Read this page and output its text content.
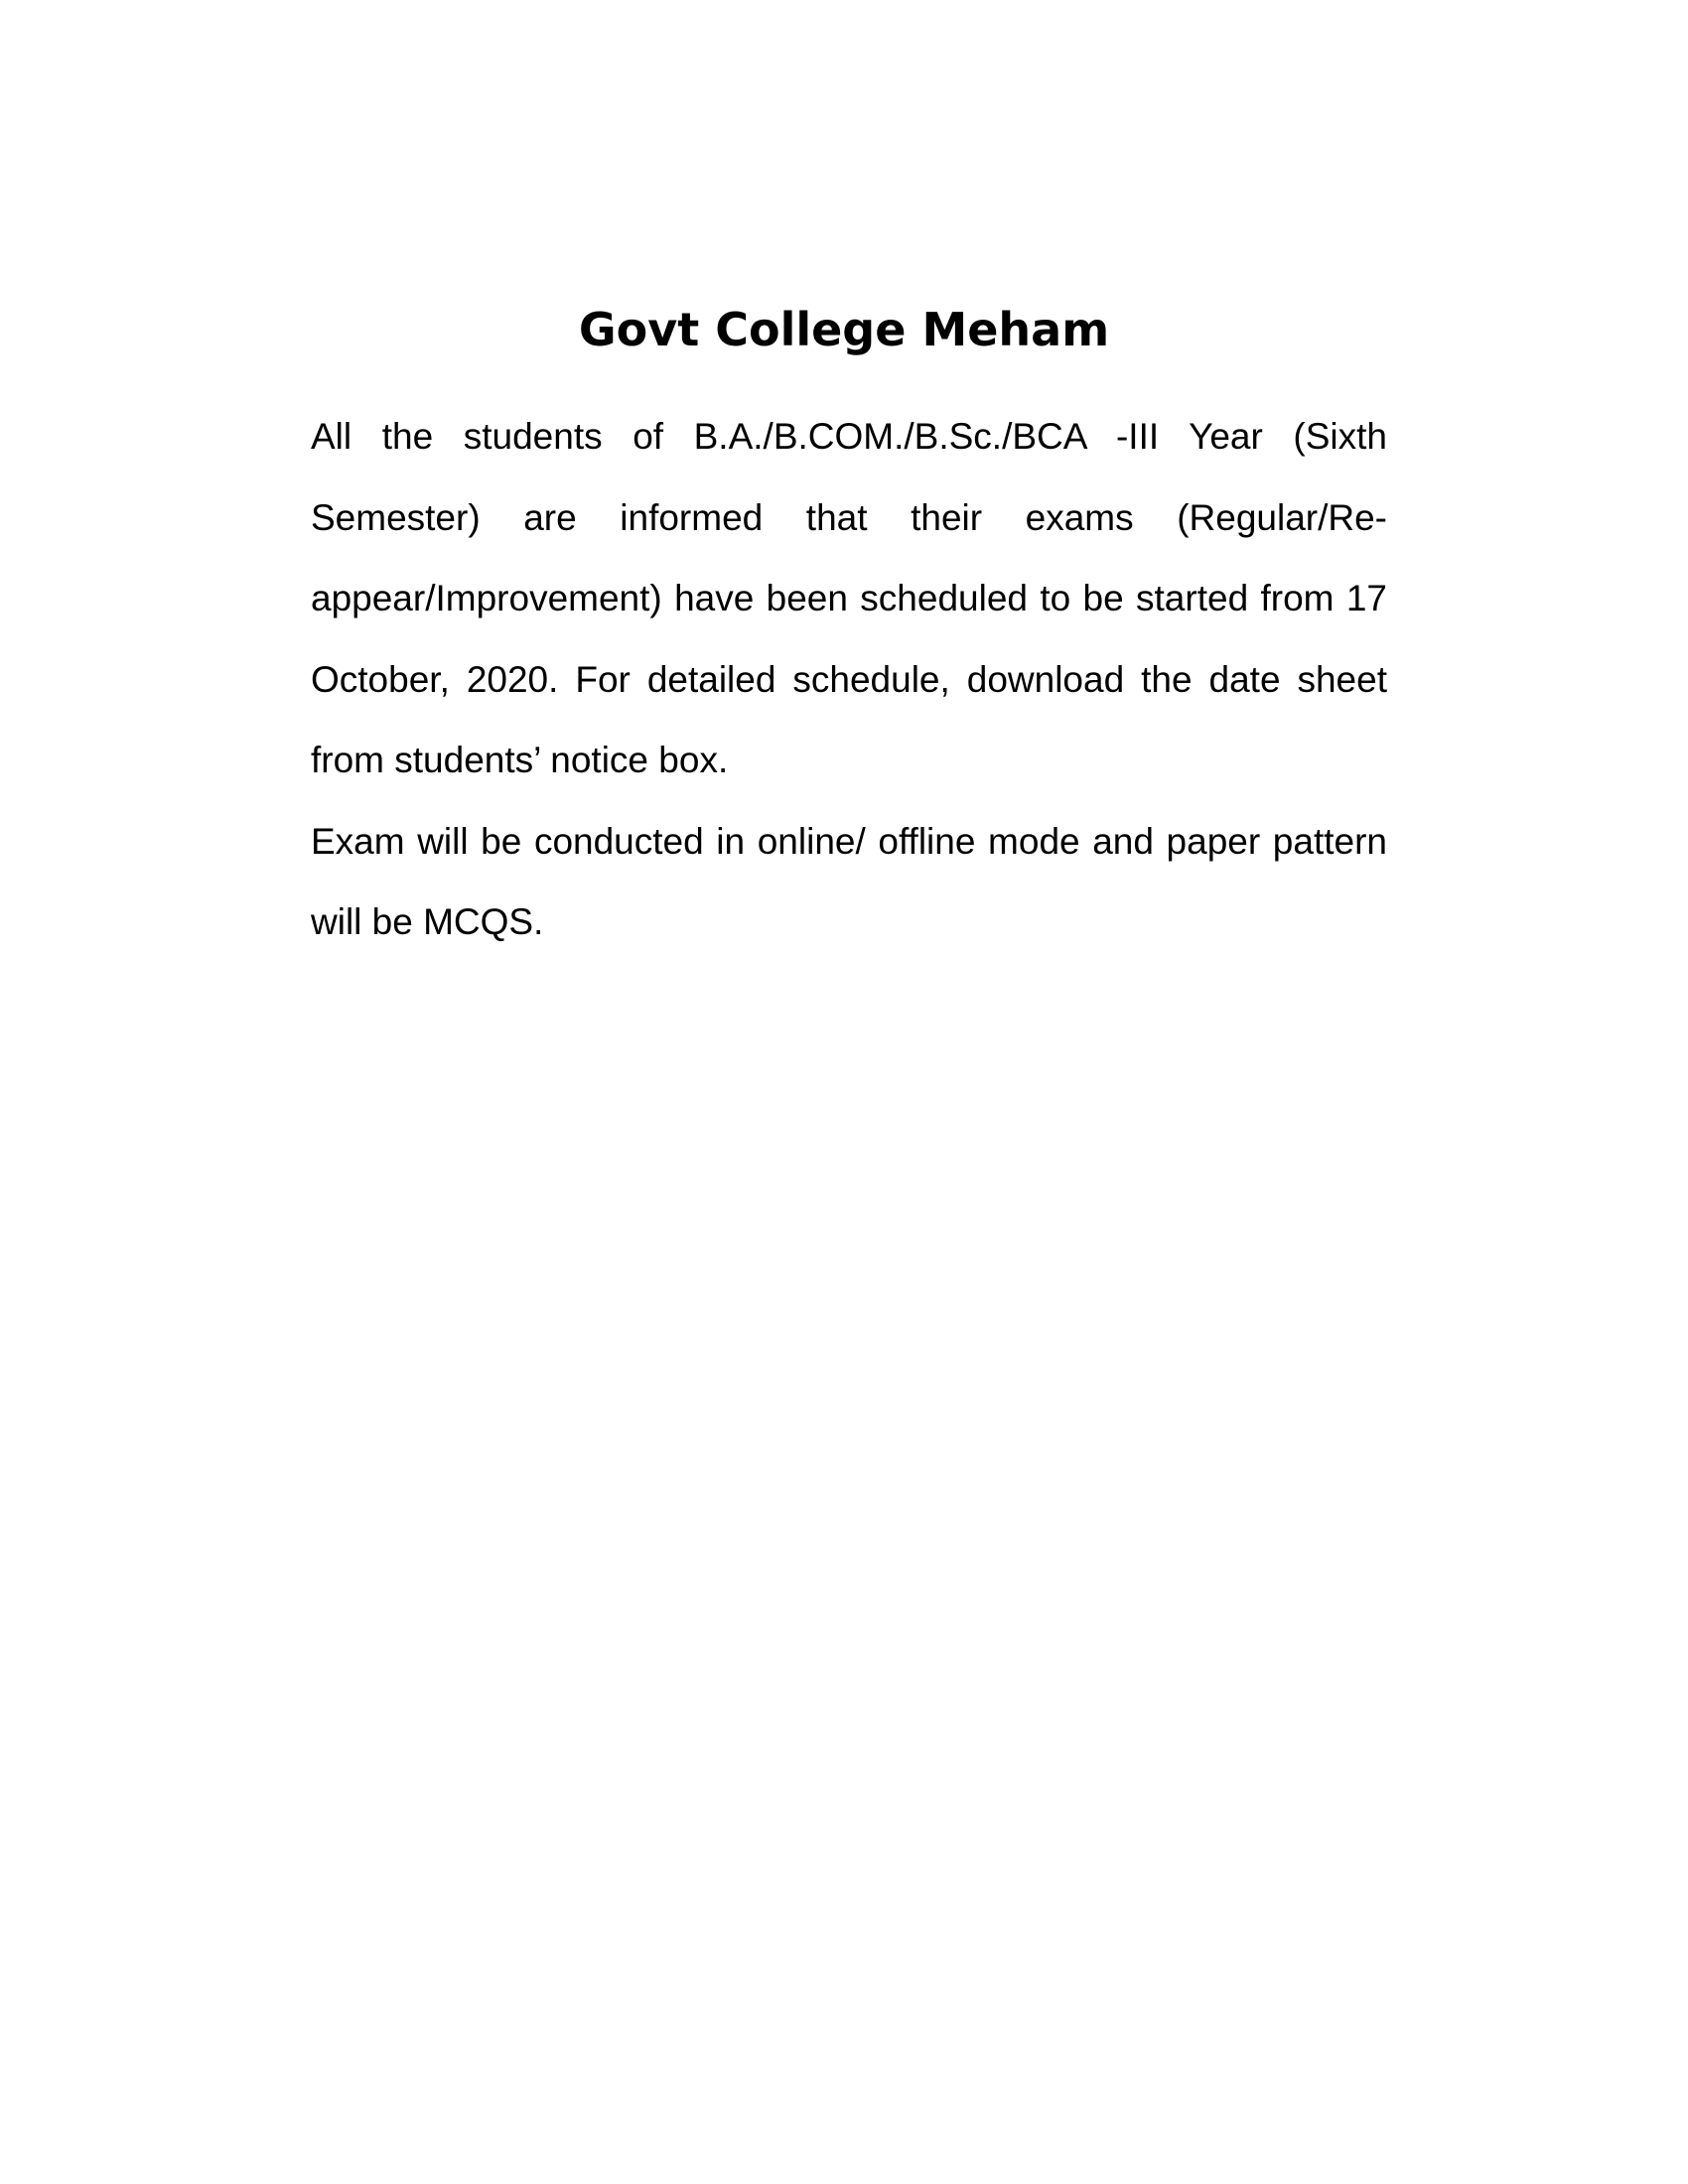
Govt College Meham

All the students of B.A./B.COM./B.Sc./BCA -III Year (Sixth Semester) are informed that their exams (Regular/Re-appear/Improvement) have been scheduled to be started from 17 October, 2020. For detailed schedule, download the date sheet from students’ notice box.

Exam will be conducted in online/ offline mode and paper pattern will be MCQS.
